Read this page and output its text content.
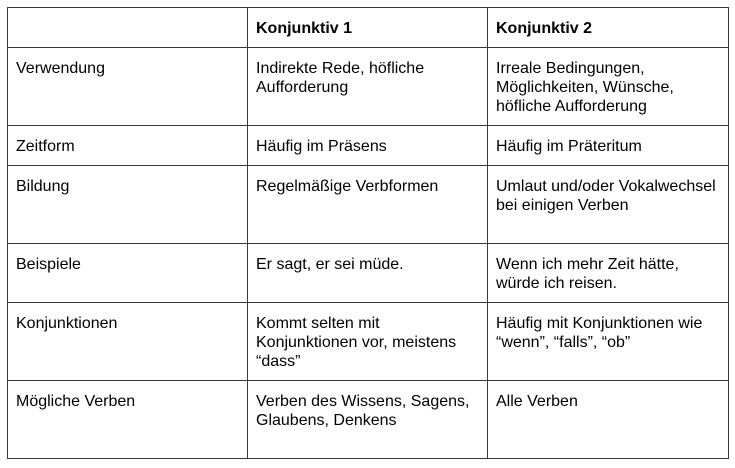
	Konjunktiv 1	Konjunktiv 2
Verwendung	Indirekte Rede, höfliche Aufforderung	Irreale Bedingungen, Möglichkeiten, Wünsche, höfliche Aufforderung
Zeitform	Häufig im Präsens	Häufig im Präteritum
Bildung	Regelmäßige Verbformen	Umlaut und/oder Vokalwechsel bei einigen Verben
Beispiele	Er sagt, er sei müde.	Wenn ich mehr Zeit hätte, würde ich reisen.
Konjunktionen	Kommt selten mit Konjunktionen vor, meistens “dass”	Häufig mit Konjunktionen wie “wenn”, “falls”, “ob”
Mögliche Verben	Verben des Wissens, Sagens, Glaubens, Denkens	Alle Verben
